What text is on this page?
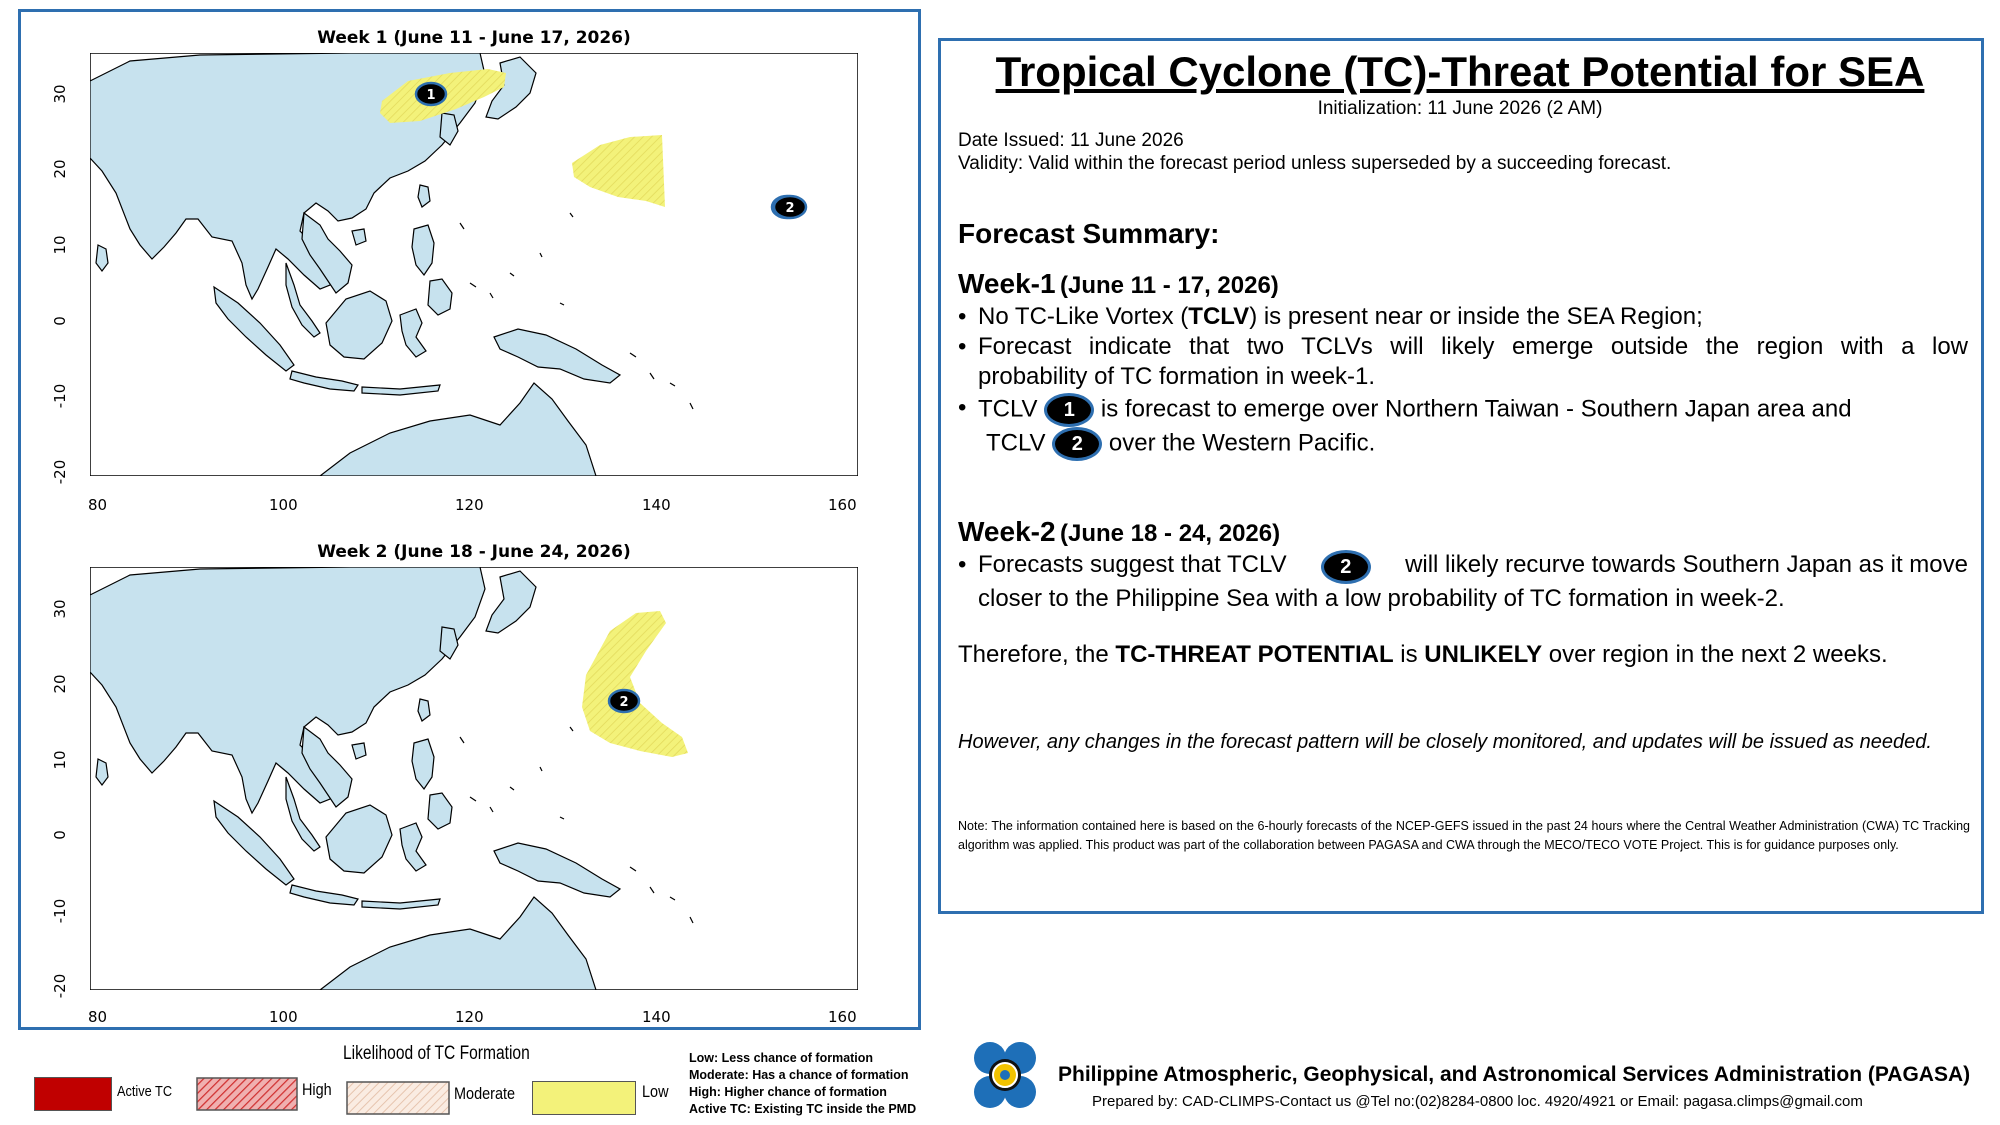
Week 1 (June 11 - June 17, 2026)
1
2
30
20
10
0
-10
-20
80	100	120	140	160
Week 2 (June 18 - June 24, 2026)
2
30
20
10
0
-10
-20
80	100	120	140	160
Likelihood of TC Formation
Active TC	High	Moderate	Low
Low: Less chance of formation
Moderate: Has a chance of formation
High: Higher chance of formation
Active TC: Existing TC inside the PMD
Tropical Cyclone (TC)-Threat Potential for SEA
Initialization: 11 June 2026 (2 AM)
Date Issued: 11 June 2026
Validity: Valid within the forecast period unless superseded by a succeeding forecast.
Forecast Summary:
Week-1 (June 11 - 17, 2026)
• No TC-Like Vortex (TCLV) is present near or inside the SEA Region;
• Forecast indicate that two TCLVs will likely emerge outside the region with a low
probability of TC formation in week-1.
• TCLV 1 is forecast to emerge over Northern Taiwan - Southern Japan area and
TCLV 2 over the Western Pacific.
Week-2 (June 18 - 24, 2026)
• Forecasts suggest that TCLV	2	will likely recurve towards Southern Japan as it move
closer to the Philippine Sea with a low probability of TC formation in week-2.
Therefore, the TC-THREAT POTENTIAL is UNLIKELY over region in the next 2 weeks.
However, any changes in the forecast pattern will be closely monitored, and updates will be issued as needed.
Note: The information contained here is based on the 6-hourly forecasts of the NCEP-GEFS issued in the past 24 hours where the Central Weather Administration (CWA) TC Tracking algorithm was applied. This product was part of the collaboration between PAGASA and CWA through the MECO/TECO VOTE Project. This is for guidance purposes only.
Philippine Atmospheric, Geophysical, and Astronomical Services Administration (PAGASA)
Prepared by: CAD-CLIMPS-Contact us @Tel no:(02)8284-0800 loc. 4920/4921 or Email: pagasa.climps@gmail.com
